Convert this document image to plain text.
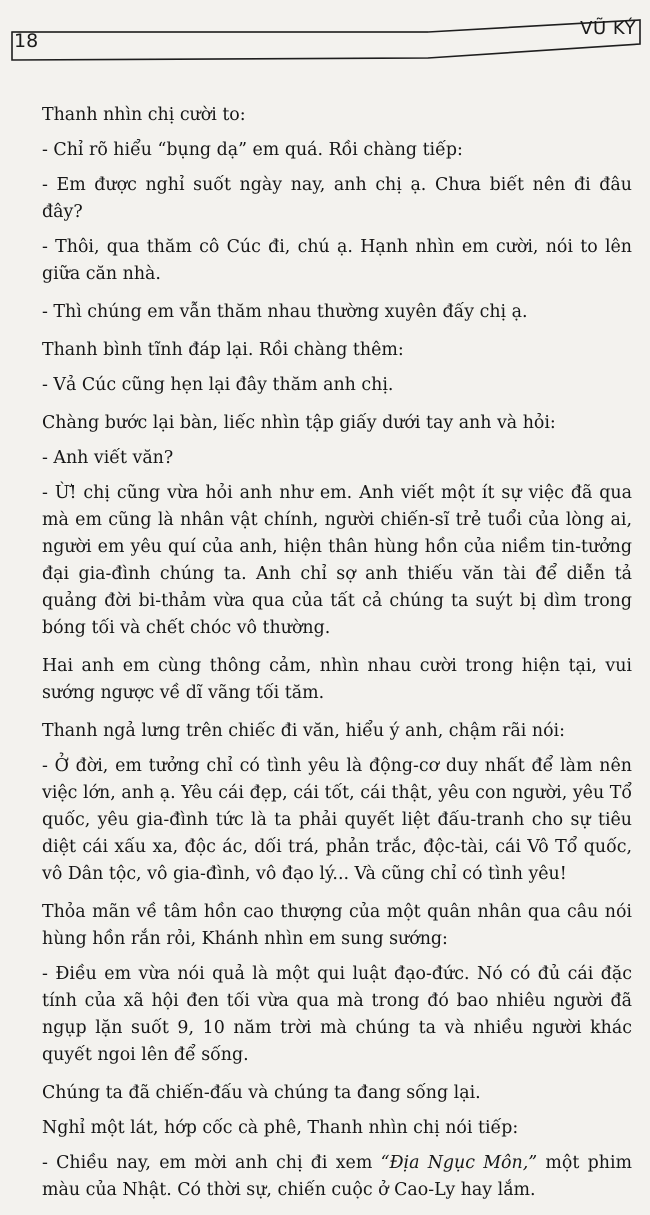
18
VŨ KÝ

Thanh nhìn chị cười to:

- Chỉ rõ hiểu “bụng dạ” em quá. Rồi chàng tiếp:

- Em được nghỉ suốt ngày nay, anh chị ạ. Chưa biết nên đi đâu đây?

- Thôi, qua thăm cô Cúc đi, chú ạ. Hạnh nhìn em cười, nói to lên giữa căn nhà.

- Thì chúng em vẫn thăm nhau thường xuyên đấy chị ạ.

Thanh bình tĩnh đáp lại. Rồi chàng thêm:

- Vả Cúc cũng hẹn lại đây thăm anh chị.

Chàng bước lại bàn, liếc nhìn tập giấy dưới tay anh và hỏi:

- Anh viết văn?

- Ừ! chị cũng vừa hỏi anh như em. Anh viết một ít sự việc đã qua mà em cũng là nhân vật chính, người chiến-sĩ trẻ tuổi của lòng ai, người em yêu quí của anh, hiện thân hùng hồn của niềm tin-tưởng đại gia-đình chúng ta. Anh chỉ sợ anh thiếu văn tài để diễn tả quảng đời bi-thảm vừa qua của tất cả chúng ta suýt bị dìm trong bóng tối và chết chóc vô thường.

Hai anh em cùng thông cảm, nhìn nhau cười trong hiện tại, vui sướng ngược về dĩ vãng tối tăm.

Thanh ngả lưng trên chiếc đi văn, hiểu ý anh, chậm rãi nói:

- Ở đời, em tưởng chỉ có tình yêu là động-cơ duy nhất để làm nên việc lớn, anh ạ. Yêu cái đẹp, cái tốt, cái thật, yêu con người, yêu Tổ quốc, yêu gia-đình tức là ta phải quyết liệt đấu-tranh cho sự tiêu diệt cái xấu xa, độc ác, dối trá, phản trắc, độc-tài, cái Vô Tổ quốc, vô Dân tộc, vô gia-đình, vô đạo lý... Và cũng chỉ có tình yêu!

Thỏa mãn về tâm hồn cao thượng của một quân nhân qua câu nói hùng hồn rắn rỏi, Khánh nhìn em sung sướng:

- Điều em vừa nói quả là một qui luật đạo-đức. Nó có đủ cái đặc tính của xã hội đen tối vừa qua mà trong đó bao nhiêu người đã ngụp lặn suốt 9, 10 năm trời mà chúng ta và nhiều người khác quyết ngoi lên để sống.

Chúng ta đã chiến-đấu và chúng ta đang sống lại.

Nghỉ một lát, hớp cốc cà phê, Thanh nhìn chị nói tiếp:

- Chiều nay, em mời anh chị đi xem “Địa Ngục Môn,” một phim màu của Nhật. Có thời sự, chiến cuộc ở Cao-Ly hay lắm.
